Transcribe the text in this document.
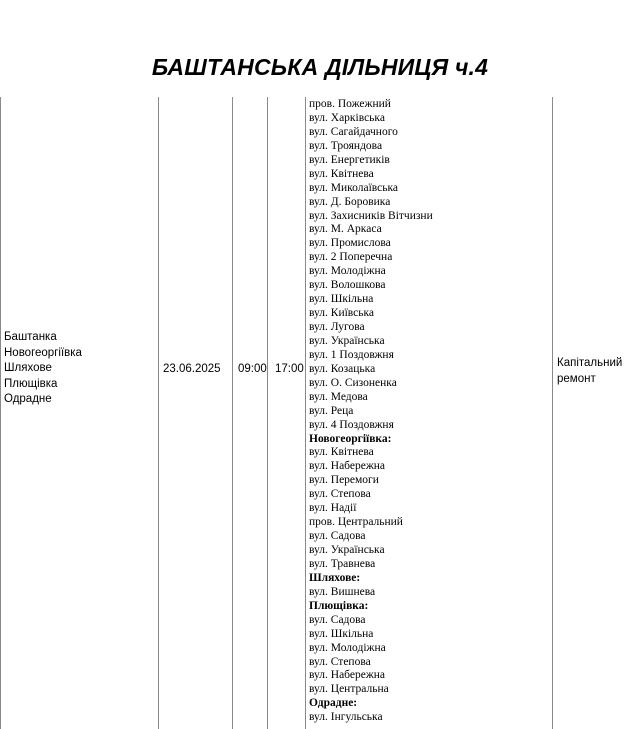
БАШТАНСЬКА ДІЛЬНИЦЯ ч.4
Баштанка
Новогеоргіївка
Шляхове
Плющівка
Одрадне
23.06.2025 09:00 17:00
пров. Пожежний
вул. Харківська
вул. Сагайдачного
вул. Трояндова
вул. Енергетиків
вул. Квітнева
вул. Миколаївська
вул. Д. Боровика
вул. Захисників Вітчизни
вул. М. Аркаса
вул. Промислова
вул. 2 Поперечна
вул. Молодіжна
вул. Волошкова
вул. Шкільна
вул. Київська
вул. Лугова
вул. Українська
вул. 1 Поздовжня
вул. Козацька
вул. О. Сизоненка
вул. Медова
вул. Реца
вул. 4 Поздовжня
Новогеоргіївка:
вул. Квітнева
вул. Набережна
вул. Перемоги
вул. Степова
вул. Надії
пров. Центральний
вул. Садова
вул. Українська
вул. Травнева
Шляхове:
вул. Вишнева
Плющівка:
вул. Садова
вул. Шкільна
вул. Молодіжна
вул. Степова
вул. Набережна
вул. Центральна
Одрадне:
вул. Інгульська
Капітальний
ремонт
